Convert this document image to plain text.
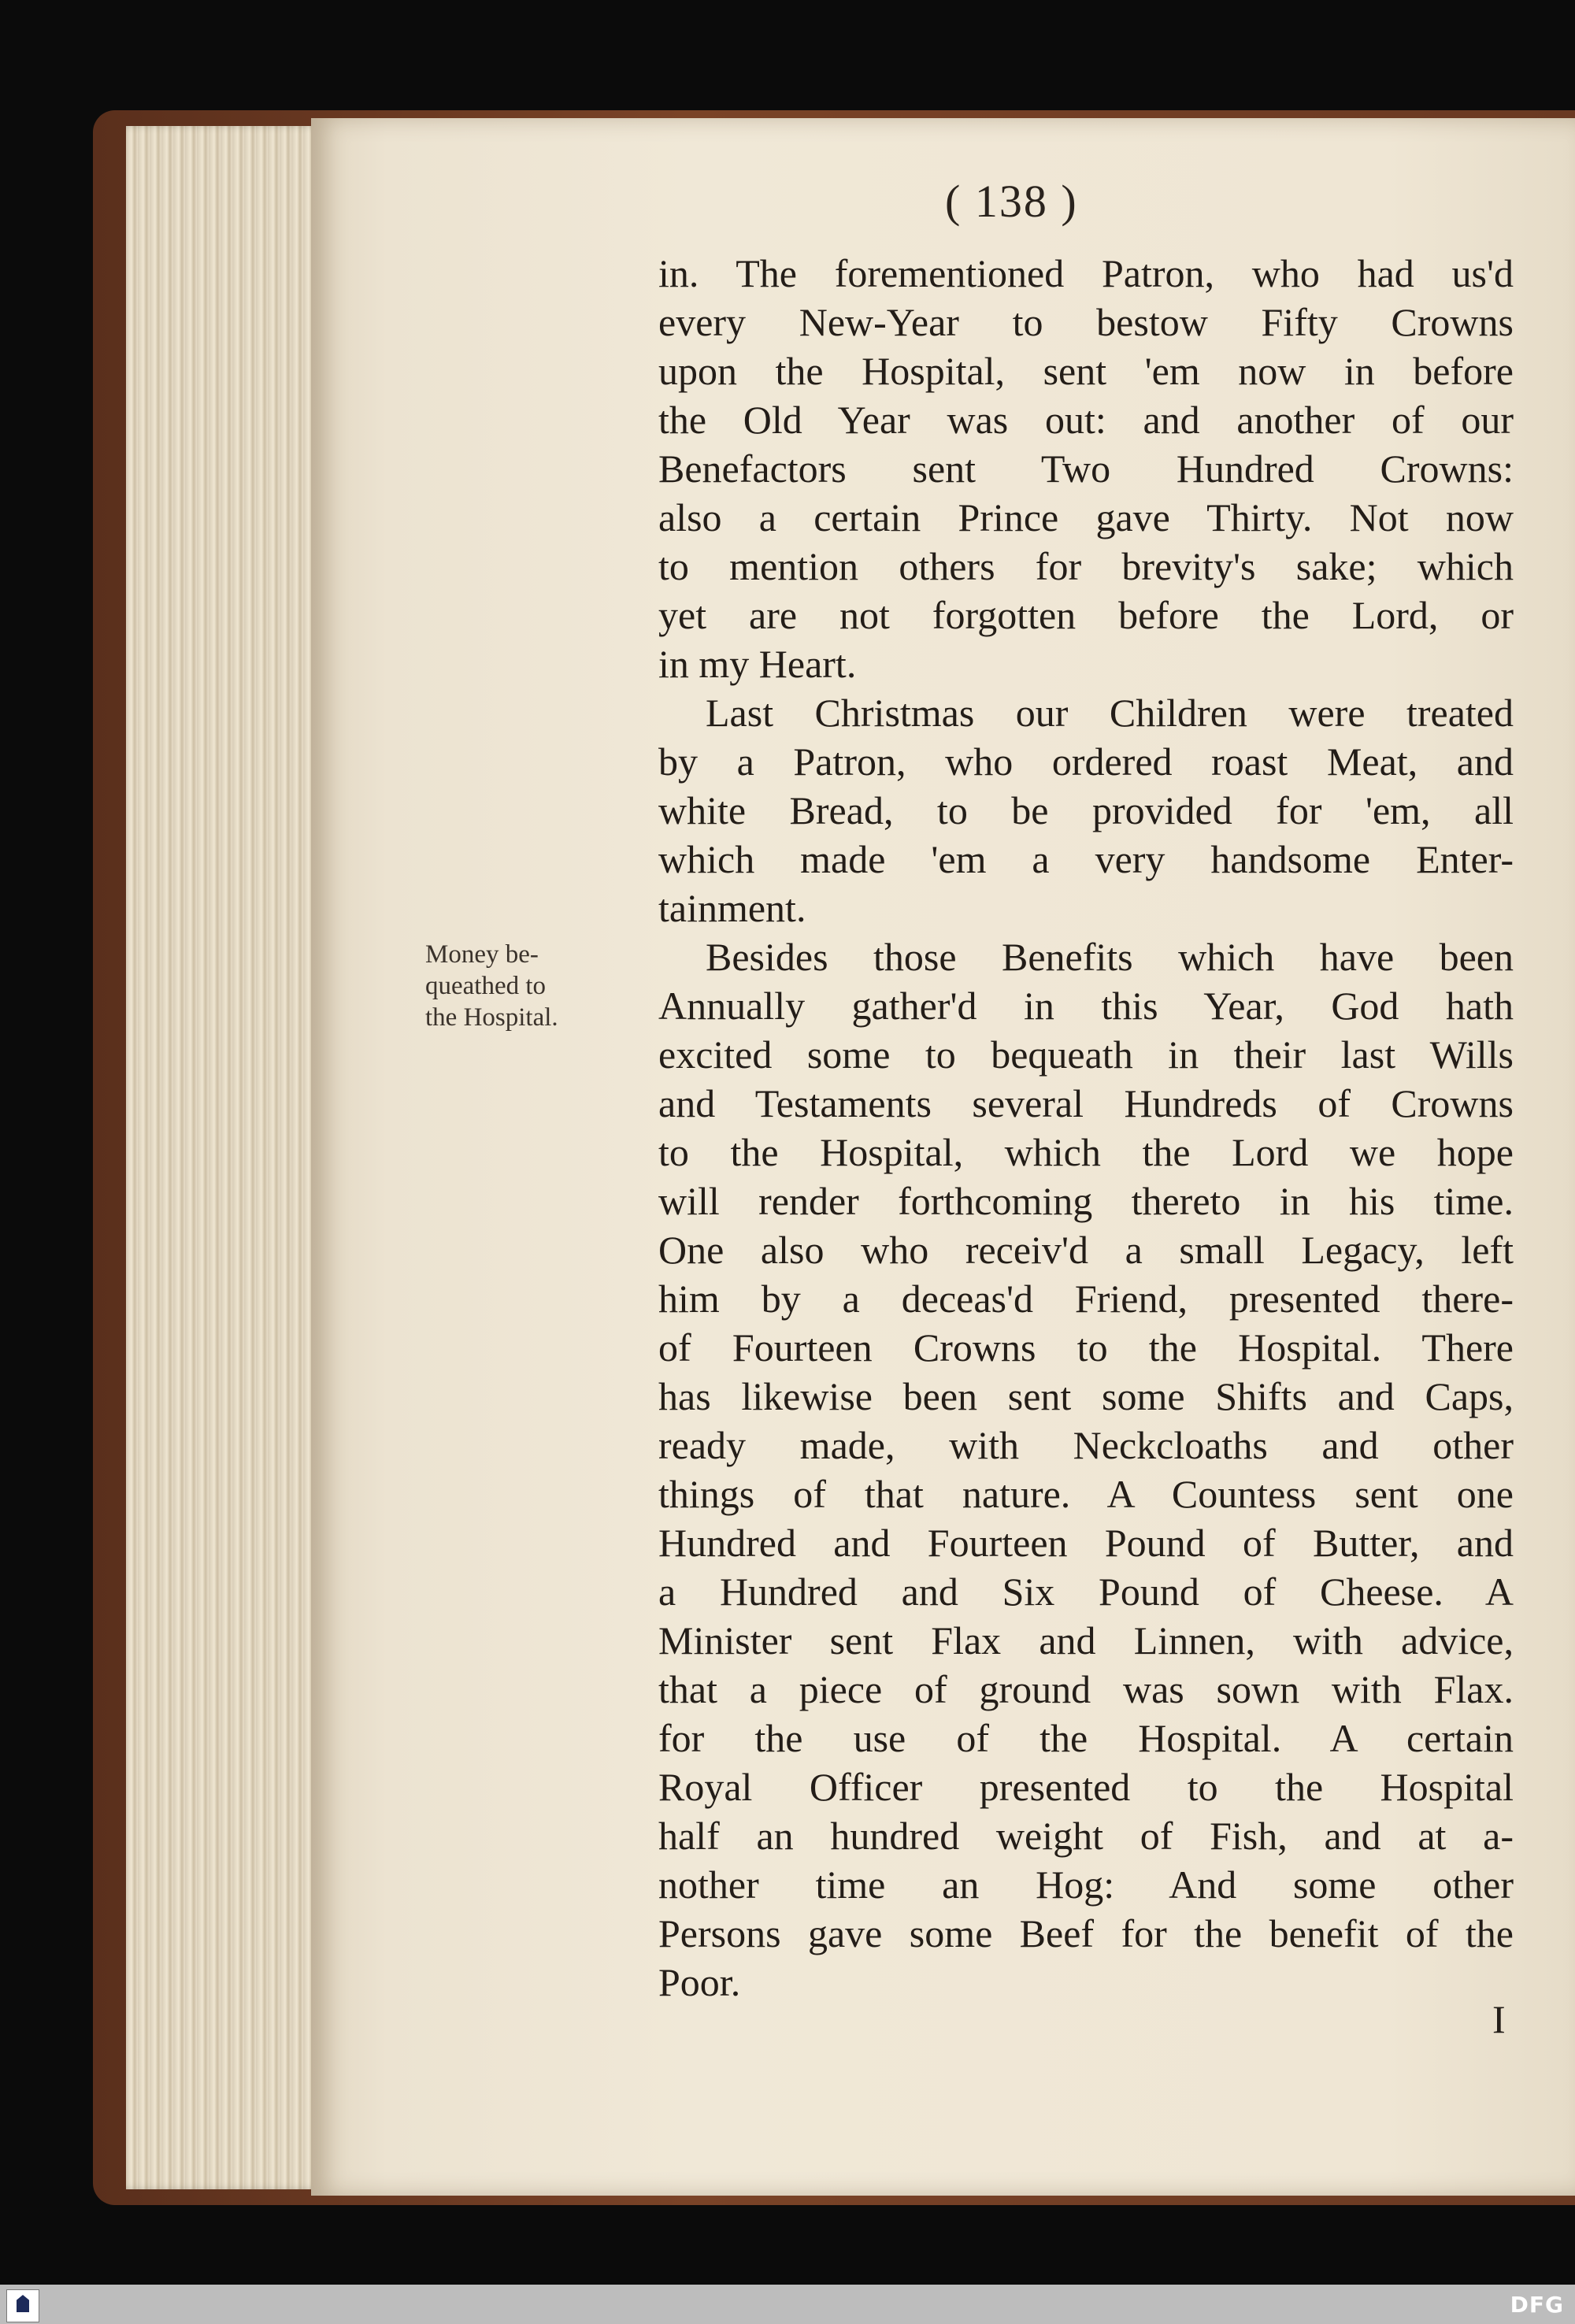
( 138 )
Money be-
queathed to
the Hospital.
in. The forementioned Patron, who had us'd
every New-Year to bestow Fifty Crowns
upon the Hospital, sent 'em now in before
the Old Year was out: and another of our
Benefactors sent Two Hundred Crowns:
also a certain Prince gave Thirty. Not now
to mention others for brevity's sake; which
yet are not forgotten before the Lord, or
in my Heart.
Last Christmas our Children were treated
by a Patron, who ordered roast Meat, and
white Bread, to be provided for 'em, all
which made 'em a very handsome Enter-
tainment.
Besides those Benefits which have been
Annually gather'd in this Year, God hath
excited some to bequeath in their last Wills
and Testaments several Hundreds of Crowns
to the Hospital, which the Lord we hope
will render forthcoming thereto in his time.
One also who receiv'd a small Legacy, left
him by a deceas'd Friend, presented there-
of Fourteen Crowns to the Hospital. There
has likewise been sent some Shifts and Caps,
ready made, with Neckcloaths and other
things of that nature. A Countess sent one
Hundred and Fourteen Pound of Butter, and
a Hundred and Six Pound of Cheese. A
Minister sent Flax and Linnen, with advice,
that a piece of ground was sown with Flax.
for the use of the Hospital. A certain
Royal Officer presented to the Hospital
half an hundred weight of Fish, and at a-
nother time an Hog: And some other
Persons gave some Beef for the benefit of the
Poor.
I
DFG
